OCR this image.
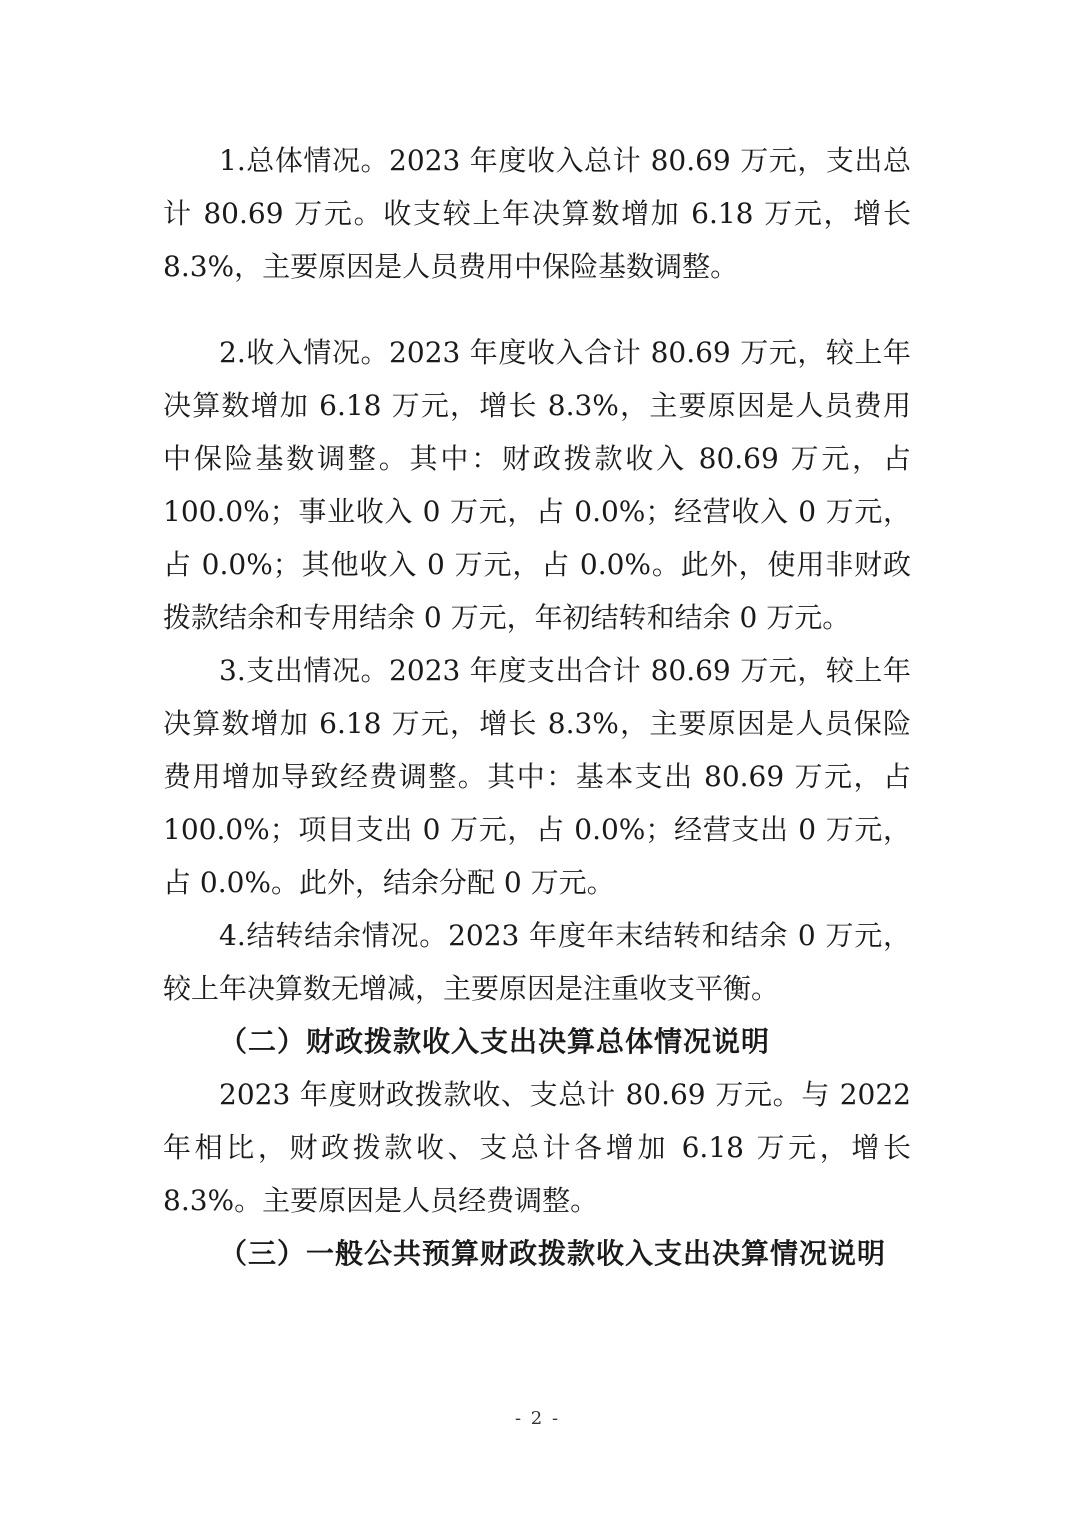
1.总体情况。2023 年度收入总计 80.69 万元，支出总计 80.69 万元。收支较上年决算数增加 6.18 万元，增长 8.3%，主要原因是人员费用中保险基数调整。

2.收入情况。2023 年度收入合计 80.69 万元，较上年决算数增加 6.18 万元，增长 8.3%，主要原因是人员费用中保险基数调整。其中：财政拨款收入 80.69 万元，占 100.0%；事业收入 0 万元，占 0.0%；经营收入 0 万元，占 0.0%；其他收入 0 万元，占 0.0%。此外，使用非财政拨款结余和专用结余 0 万元，年初结转和结余 0 万元。

3.支出情况。2023 年度支出合计 80.69 万元，较上年决算数增加 6.18 万元，增长 8.3%，主要原因是人员保险费用增加导致经费调整。其中：基本支出 80.69 万元，占 100.0%；项目支出 0 万元，占 0.0%；经营支出 0 万元，占 0.0%。此外，结余分配 0 万元。

4.结转结余情况。2023 年度年末结转和结余 0 万元，较上年决算数无增减，主要原因是注重收支平衡。

（二）财政拨款收入支出决算总体情况说明

2023 年度财政拨款收、支总计 80.69 万元。与 2022 年相比，财政拨款收、支总计各增加 6.18 万元，增长 8.3%。主要原因是人员经费调整。

（三）一般公共预算财政拨款收入支出决算情况说明

- 2 -
